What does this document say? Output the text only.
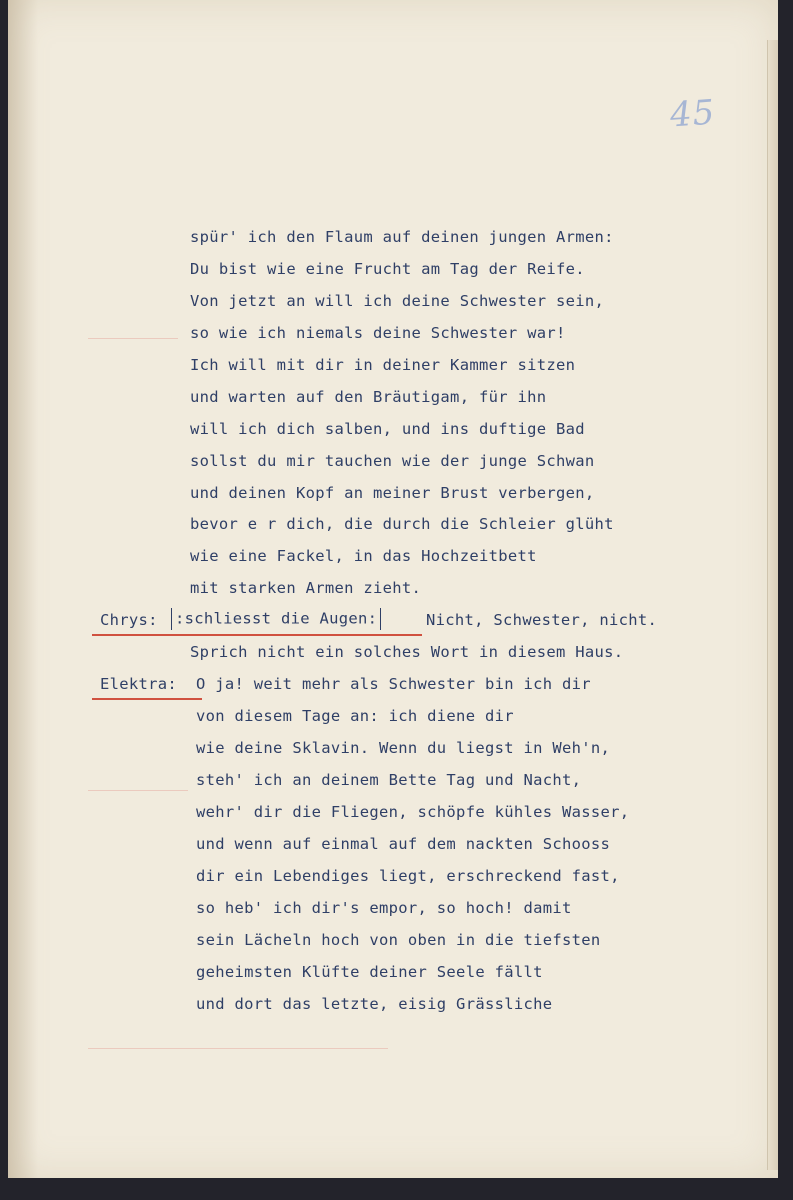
45
spür' ich den Flaum auf deinen jungen Armen:
Du bist wie eine Frucht am Tag der Reife.
Von jetzt an will ich deine Schwester sein,
so wie ich niemals deine Schwester war!
Ich will mit dir in deiner Kammer sitzen
und warten auf den Bräutigam, für ihn
will ich dich salben, und ins duftige Bad
sollst du mir tauchen wie der junge Schwan
und deinen Kopf an meiner Brust verbergen,
bevor e r dich, die durch die Schleier glüht
wie eine Fackel, in das Hochzeitbett
mit starken Armen zieht.
Chrys:	:schliesst die Augen:	Nicht, Schwester, nicht.
Sprich nicht ein solches Wort in diesem Haus.
Elektra: O ja! weit mehr als Schwester bin ich dir
von diesem Tage an: ich diene dir
wie deine Sklavin. Wenn du liegst in Weh'n,
steh' ich an deinem Bette Tag und Nacht,
wehr' dir die Fliegen, schöpfe kühles Wasser,
und wenn auf einmal auf dem nackten Schooss
dir ein Lebendiges liegt, erschreckend fast,
so heb' ich dir's empor, so hoch! damit
sein Lächeln hoch von oben in die tiefsten
geheimsten Klüfte deiner Seele fällt
und dort das letzte, eisig Grässliche
